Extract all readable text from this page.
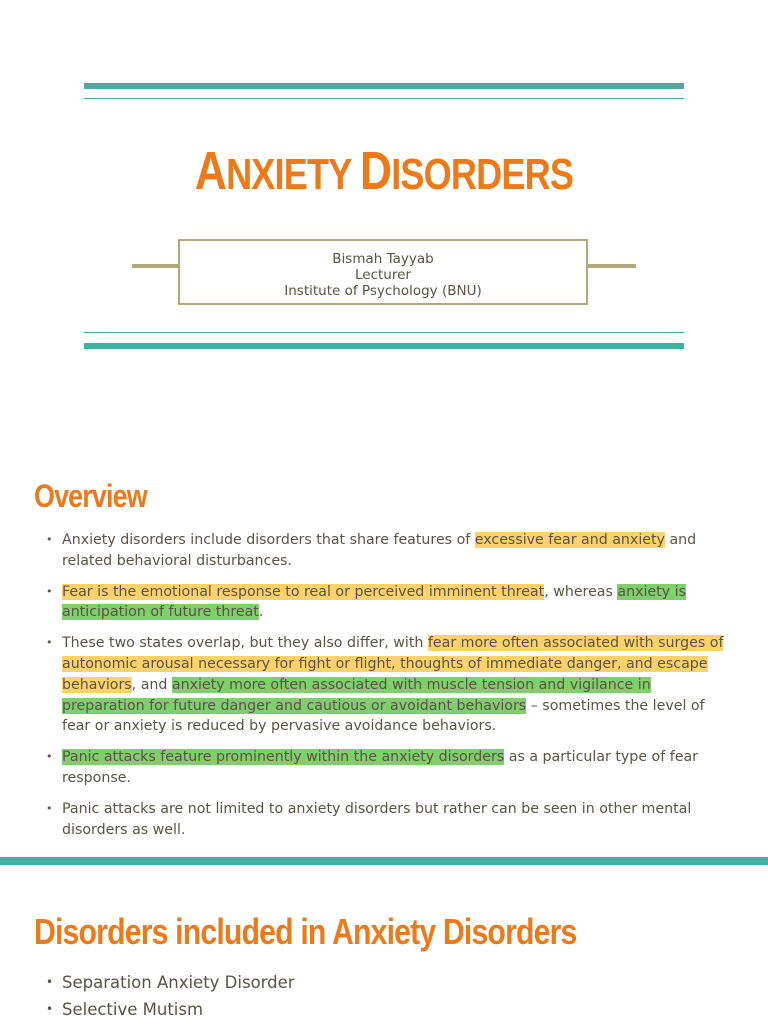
ANXIETY DISORDERS
Bismah Tayyab
Lecturer
Institute of Psychology (BNU)
Overview
• Anxiety disorders include disorders that share features of excessive fear and anxiety and related behavioral disturbances.
• Fear is the emotional response to real or perceived imminent threat, whereas anxiety is anticipation of future threat.
• These two states overlap, but they also differ, with fear more often associated with surges of autonomic arousal necessary for fight or flight, thoughts of immediate danger, and escape behaviors, and anxiety more often associated with muscle tension and vigilance in preparation for future danger and cautious or avoidant behaviors – sometimes the level of fear or anxiety is reduced by pervasive avoidance behaviors.
• Panic attacks feature prominently within the anxiety disorders as a particular type of fear response.
• Panic attacks are not limited to anxiety disorders but rather can be seen in other mental disorders as well.
Disorders included in Anxiety Disorders
• Separation Anxiety Disorder
• Selective Mutism
